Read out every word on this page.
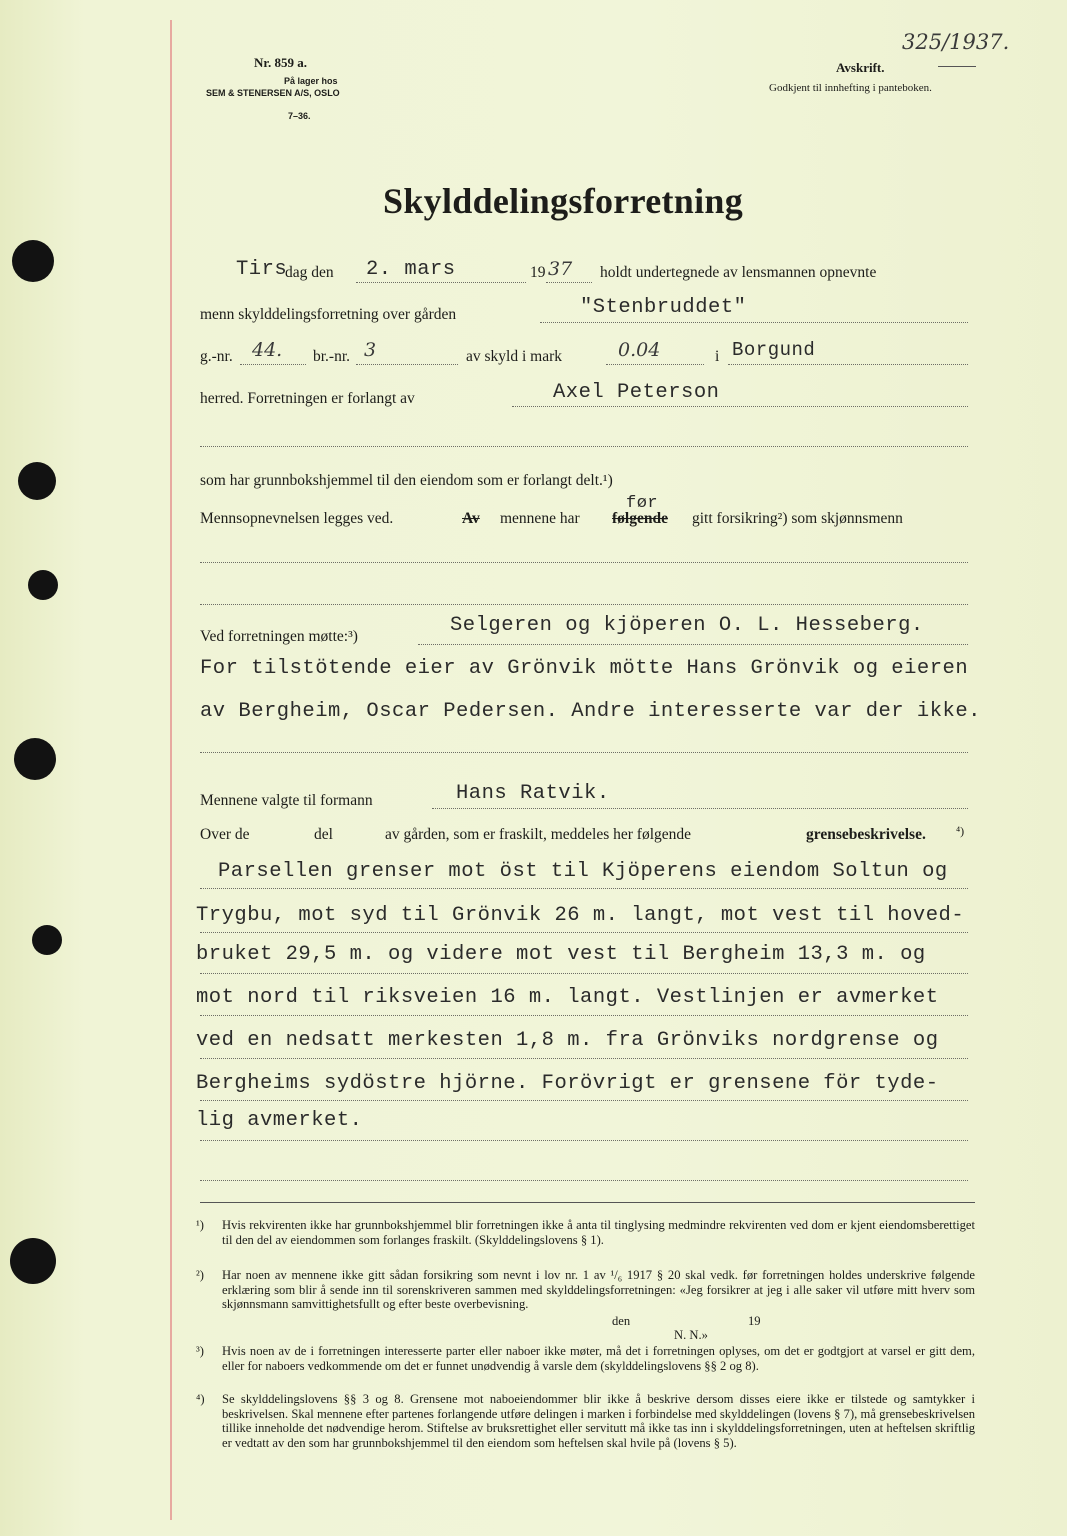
Nr. 859 a.
På lager hos
SEM & STENERSEN A/S, OSLO
7–36.
325/1937.
Avskrift.
Godkjent til innhefting i panteboken.
Skylddelingsforretning
Tirs
dag den 2. mars	19 37 holdt undertegnede av lensmannen opnevnte
menn skylddelingsforretning over gården	"Stenbruddet"
g.-nr. 44. br.-nr. 3	av skyld i mark	0.04	i Borgund
herred. Forretningen er forlangt av	Axel Peterson
som har grunnbokshjemmel til den eiendom som er forlangt delt.¹)
Mennsopnevnelsen legges ved.	Av mennene har
før
følgende gitt forsikring²) som skjønnsmenn
Ved forretningen møtte:³)	Selgeren og kjöperen O. L. Hesseberg.
For tilstötende eier av Grönvik mötte Hans Grönvik og eieren
av Bergheim, Oscar Pedersen. Andre interesserte var der ikke.
Mennene valgte til formann	Hans Ratvik.
Over de	del	av gården, som er fraskilt, meddeles her følgende	grensebeskrivelse.	⁴)
Parsellen grenser mot öst til Kjöperens eiendom Soltun og
Trygbu, mot syd til Grönvik 26 m. langt, mot vest til hoved-
bruket 29,5 m. og videre mot vest til Bergheim 13,3 m. og
mot nord til riksveien 16 m. langt. Vestlinjen er avmerket
ved en nedsatt merkesten 1,8 m. fra Grönviks nordgrense og
Bergheims sydöstre hjörne. Forövrigt er grensene för tyde-
lig avmerket.
¹)	Hvis rekvirenten ikke har grunnbokshjemmel blir forretningen ikke å anta til tinglysing medmindre rekvirenten ved dom er kjent eiendomsberettiget til den del av eiendommen som forlanges fraskilt. (Skylddelingslovens § 1).
²)	Har noen av mennene ikke gitt sådan forsikring som nevnt i lov nr. 1 av ¹/₆ 1917 § 20 skal vedk. før forretningen holdes underskrive følgende erklæring som blir å sende inn til sorenskriveren sammen med skylddelingsforretningen: «Jeg forsikrer at jeg i alle saker vil utføre mitt hverv som skjønnsmann samvittighetsfullt og efter beste overbevisning.
den	19
N. N.»
³)	Hvis noen av de i forretningen interesserte parter eller naboer ikke møter, må det i forretningen oplyses, om det er godtgjort at varsel er gitt dem, eller for naboers vedkommende om det er funnet unødvendig å varsle dem (skylddelingslovens §§ 2 og 8).
⁴)	Se skylddelingslovens §§ 3 og 8. Grensene mot naboeiendommer blir ikke å beskrive dersom disses eiere ikke er tilstede og samtykker i beskrivelsen. Skal mennene efter partenes forlangende utføre delingen i marken i forbindelse med skylddelingen (lovens § 7), må grensebeskrivelsen tillike inneholde det nødvendige herom. Stiftelse av bruksrettighet eller servitutt må ikke tas inn i skylddelingsforretningen, uten at heftelsen skriftlig er vedtatt av den som har grunnbokshjemmel til den eiendom som heftelsen skal hvile på (lovens § 5).
